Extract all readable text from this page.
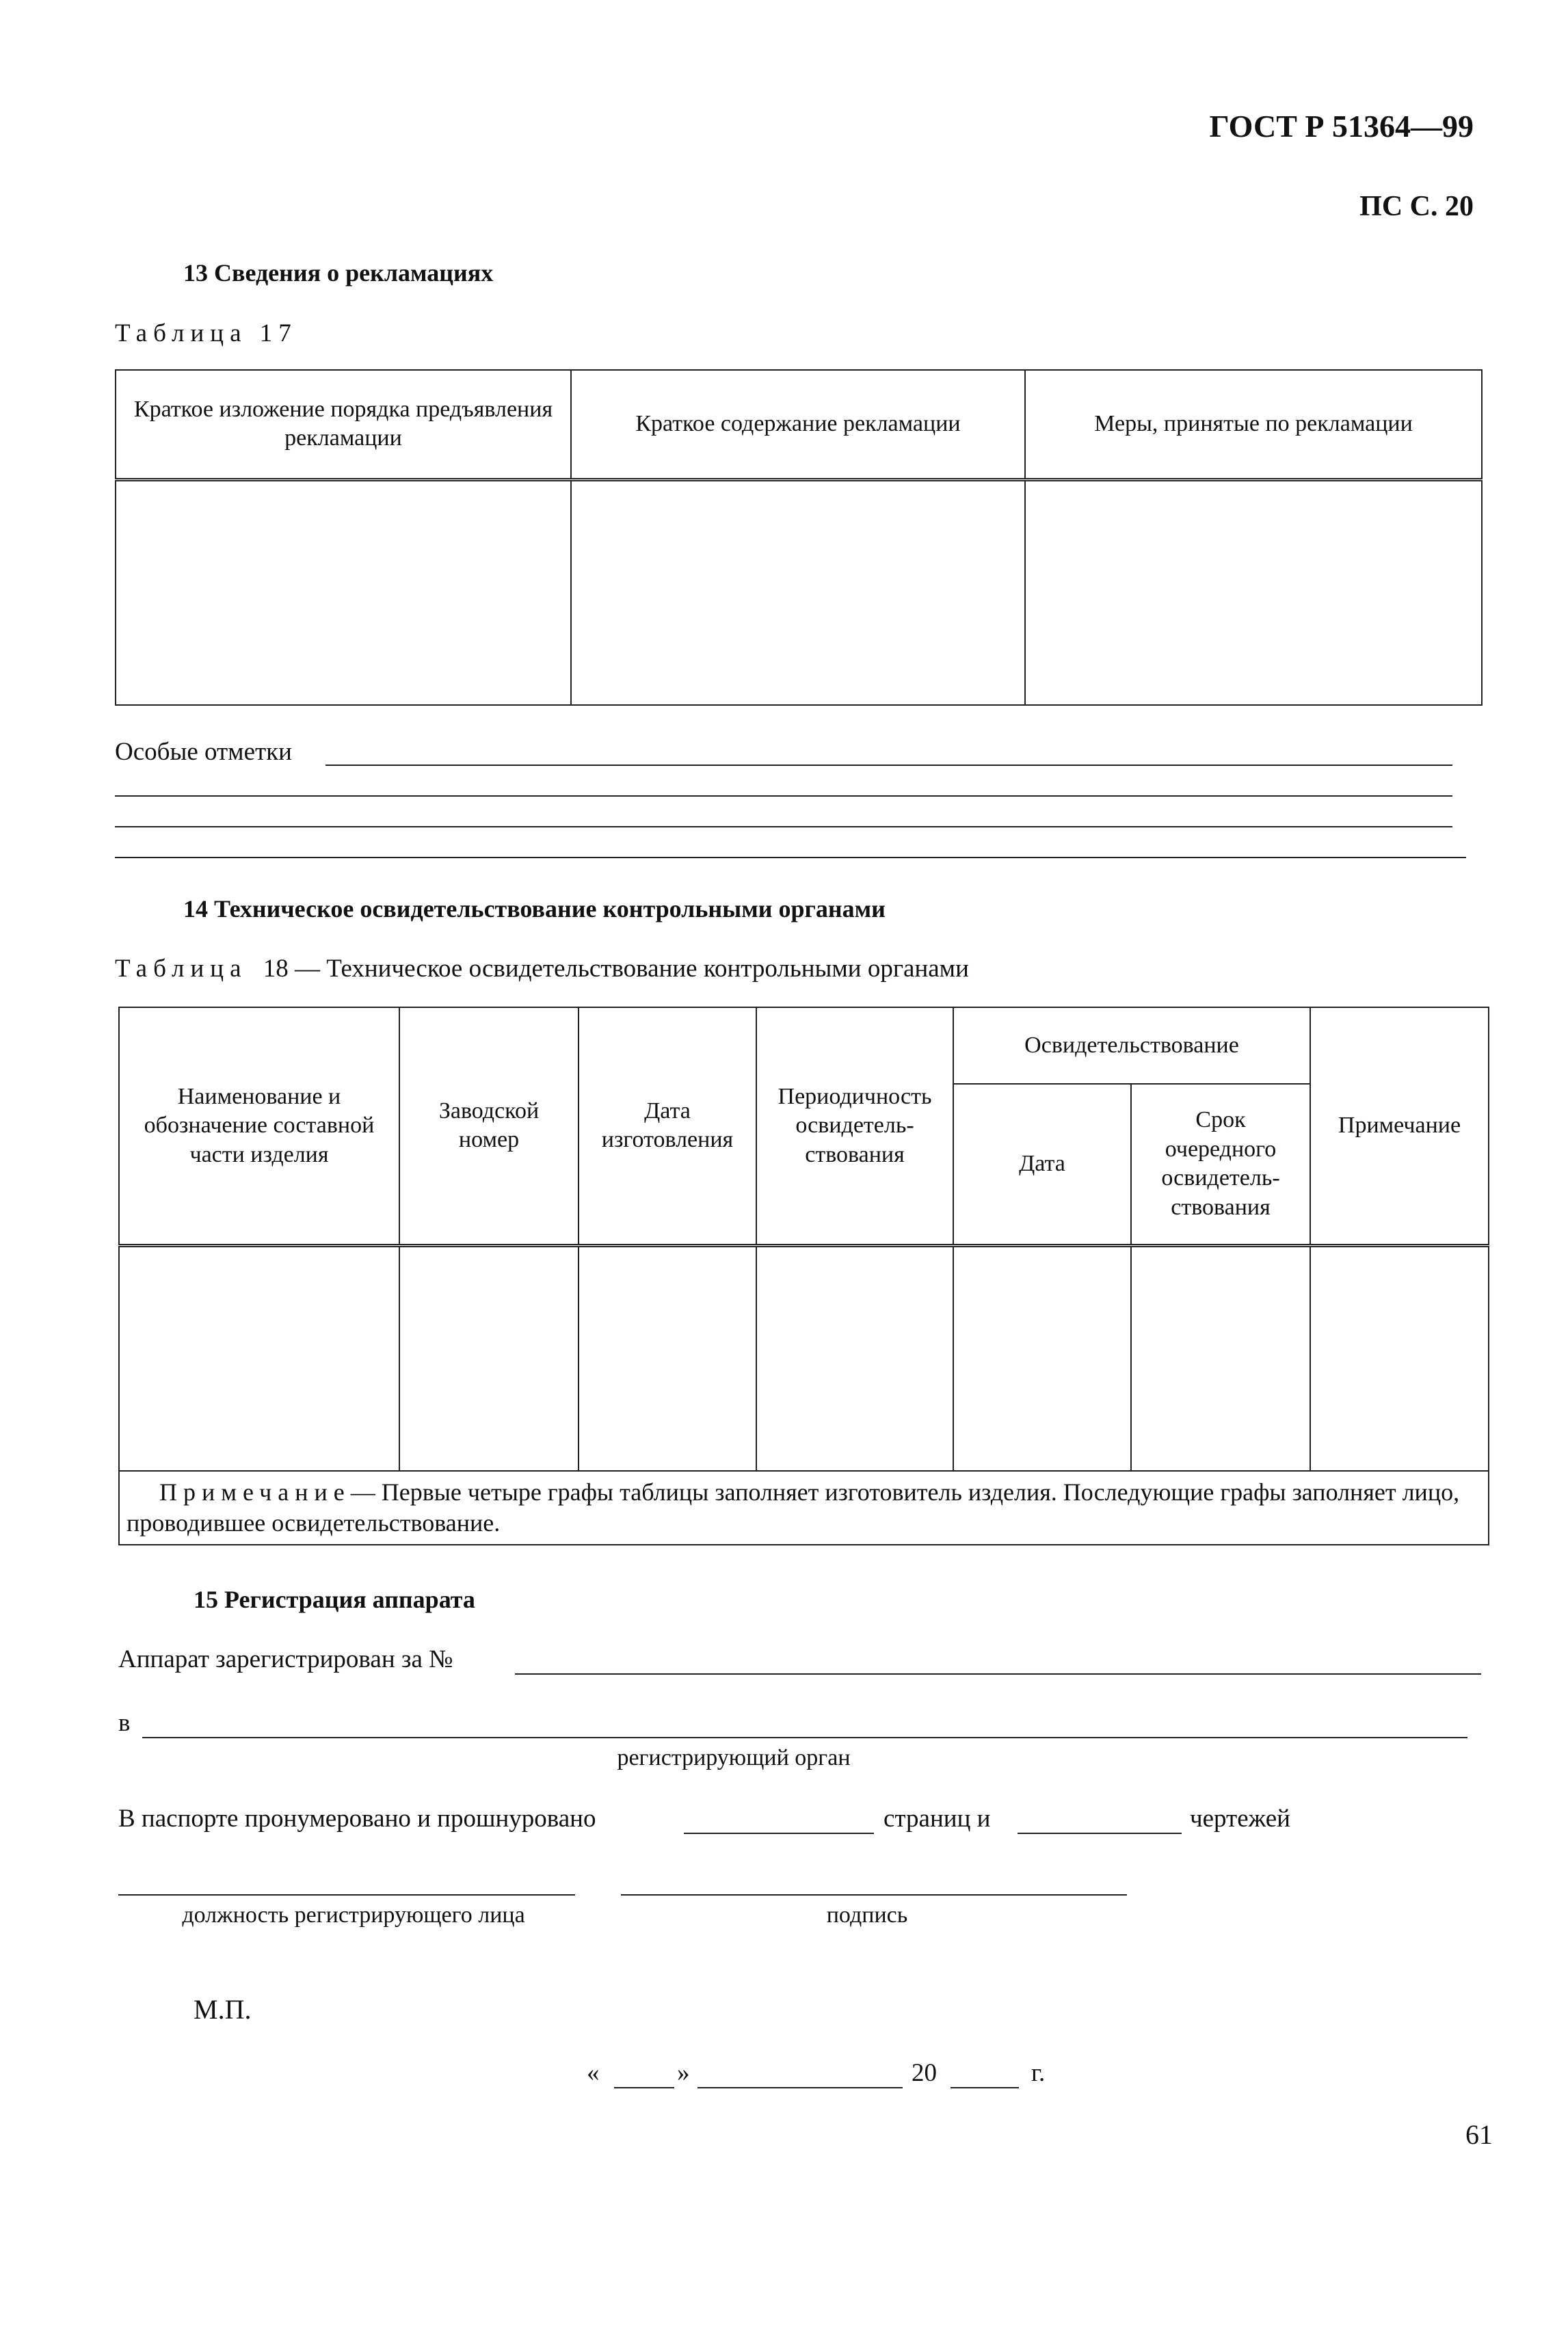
ГОСТ Р 51364—99
ПС С. 20
13 Сведения о рекламациях
Таблица 17
Краткое изложение порядка предъявления рекламации	Краткое содержание рекламации	Меры, принятые по рекламации

Особые отметки
14 Техническое освидетельствование контрольными органами
Таблица 18 — Техническое освидетельствование контрольными органами
Наименование и обозначение составной части изделия	Заводской номер	Дата изготовления	Периодичность освидетель-ствования	Освидетельствование		Примечание
				Дата	Срок очередного освидетель-ствования	

Примечание— Первые четыре графы таблицы заполняет изготовитель изделия. Последующие графы заполняет лицо, проводившее освидетельствование.						
15 Регистрация аппарата
Аппарат зарегистрирован за №
в
регистрирующий орган
В паспорте пронумеровано и прошнуровано	страниц и	чертежей
должность регистрирующего лица	подпись
М.П.
«	»	20	г.
61
